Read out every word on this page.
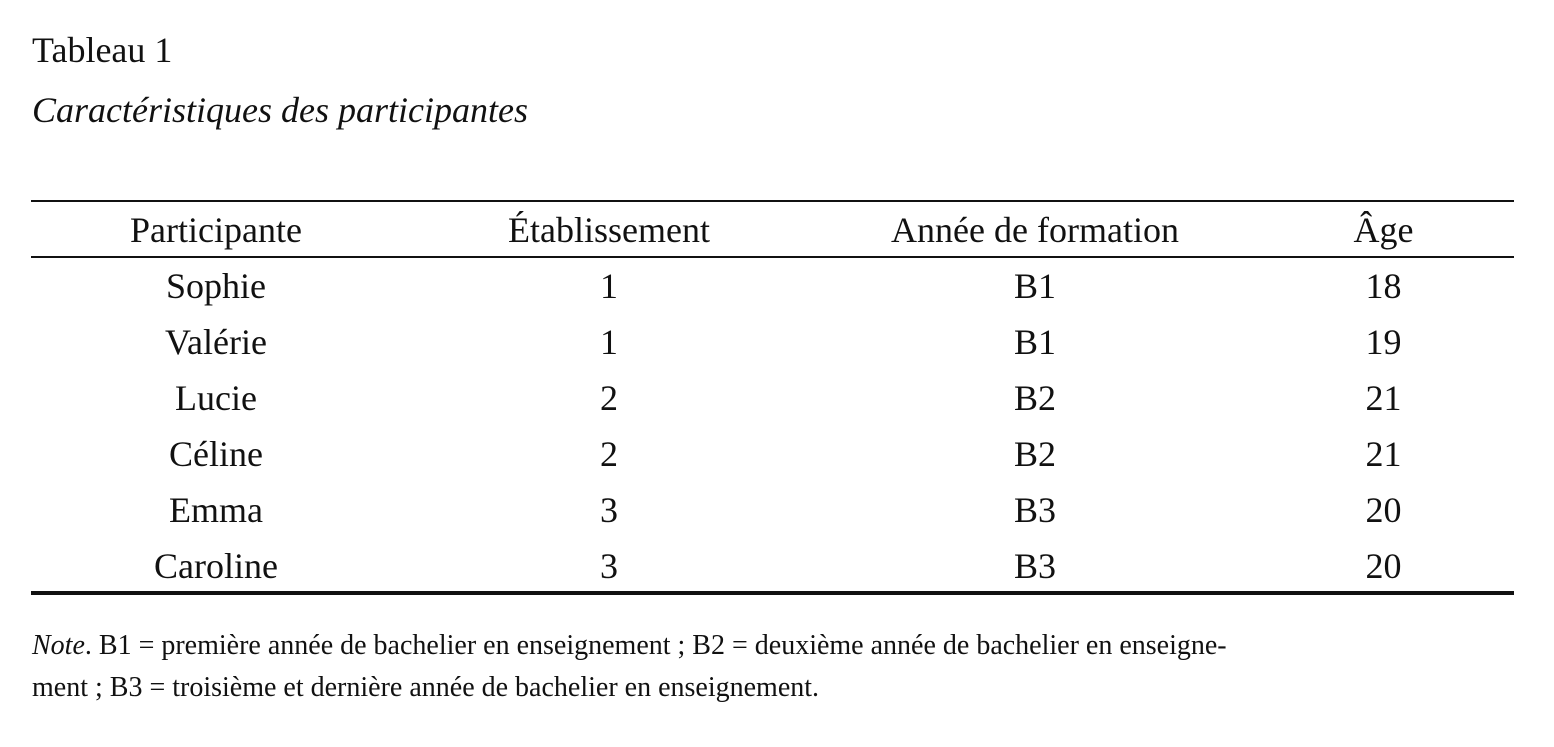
Tableau 1
Caractéristiques des participantes
Participante	Établissement	Année de formation	Âge
Sophie	1	B1	18
Valérie	1	B1	19
Lucie	2	B2	21
Céline	2	B2	21
Emma	3	B3	20
Caroline	3	B3	20
Note. B1 = première année de bachelier en enseignement ; B2 = deuxième année de bachelier en enseigne-
ment ; B3 = troisième et dernière année de bachelier en enseignement.
